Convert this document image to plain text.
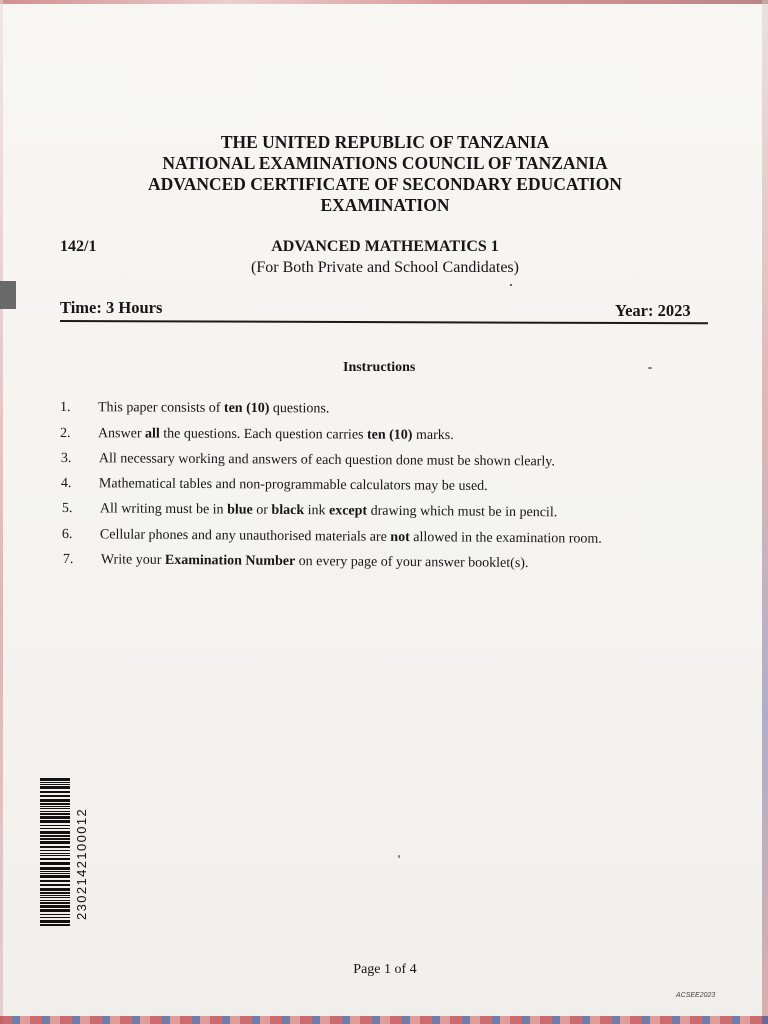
THE UNITED REPUBLIC OF TANZANIA
NATIONAL EXAMINATIONS COUNCIL OF TANZANIA
ADVANCED CERTIFICATE OF SECONDARY EDUCATION
EXAMINATION
142/1	ADVANCED MATHEMATICS 1
(For Both Private and School Candidates)
Time: 3 Hours	Year: 2023
Instructions
1. This paper consists of ten (10) questions.
2. Answer all the questions. Each question carries ten (10) marks.
3. All necessary working and answers of each question done must be shown clearly.
4. Mathematical tables and non-programmable calculators may be used.
5. All writing must be in blue or black ink except drawing which must be in pencil.
6. Cellular phones and any unauthorised materials are not allowed in the examination room.
7. Write your Examination Number on every page of your answer booklet(s).
2302142100012
Page 1 of 4
ACSEE2023
